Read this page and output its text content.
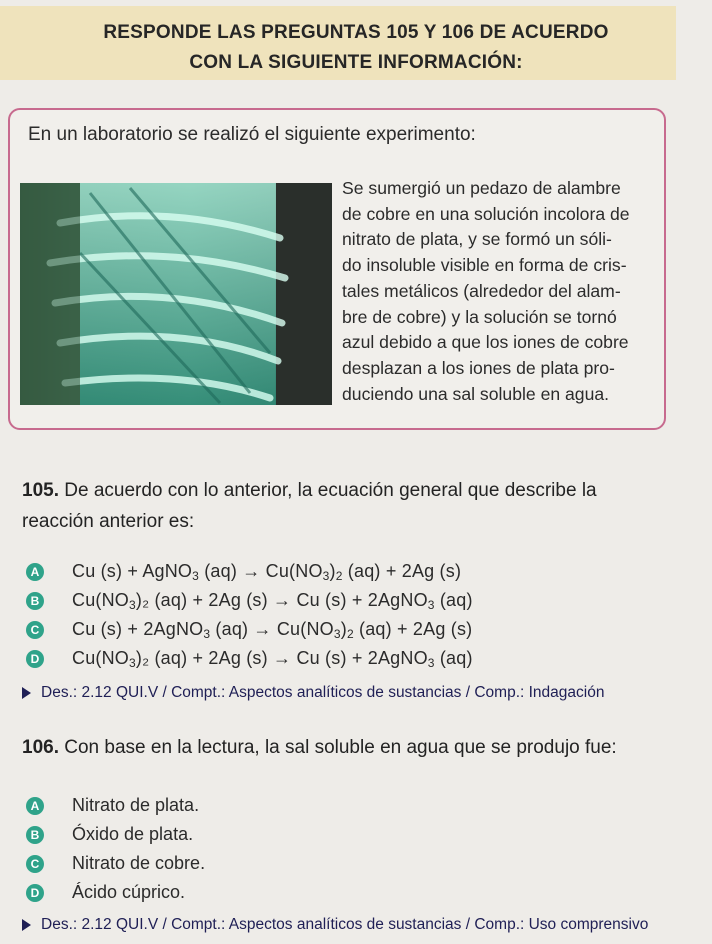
RESPONDE LAS PREGUNTAS 105 Y 106 DE ACUERDO
CON LA SIGUIENTE INFORMACIÓN:
En un laboratorio se realizó el siguiente experimento:
Se sumergió un pedazo de alambre
de cobre en una solución incolora de
nitrato de plata, y se formó un sóli-
do insoluble visible en forma de cris-
tales metálicos (alrededor del alam-
bre de cobre) y la solución se tornó
azul debido a que los iones de cobre
desplazan a los iones de plata pro-
duciendo una sal soluble en agua.
105. De acuerdo con lo anterior, la ecuación general que describe la
reacción anterior es:
A Cu (s) + AgNO$_3$ $(aq) \to Cu(NO_3)_2$ (aq) + 2Ag (s)
B $Cu(NO_3)_2$ (aq) + 2Ag (s) → Cu (s) + 2AgNO$_3$ (aq)
C Cu (s) + 2AgNO$_3$ $(aq) \to Cu(NO_3)_2$ (aq) + 2Ag (s)
D $Cu(NO_3)_2$ (aq) + 2Ag (s) → Cu (s) + 2AgNO$_3$ (aq)
Des.: 2.12 QUI.V / Compt.: Aspectos analíticos de sustancias / Comp.: Indagación
106. Con base en la lectura, la sal soluble en agua que se produjo fue:
A Nitrato de plata.
B Óxido de plata.
C Nitrato de cobre.
D Ácido cúprico.
Des.: 2.12 QUI.V / Compt.: Aspectos analíticos de sustancias / Comp.: Uso comprensivo
